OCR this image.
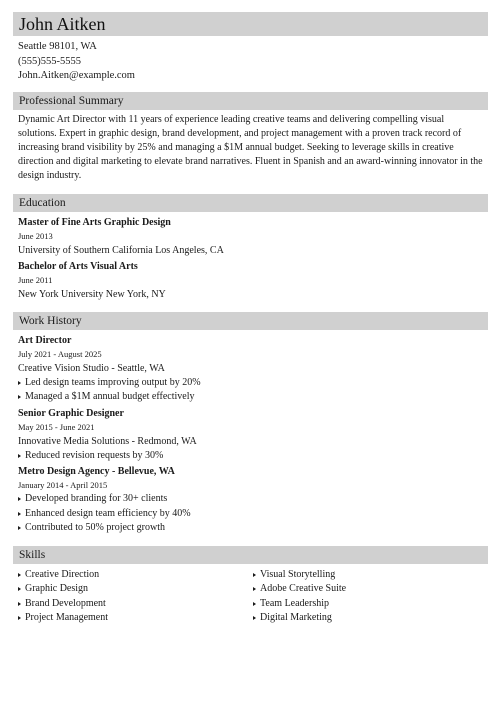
John Aitken
Seattle 98101, WA
(555)555-5555
John.Aitken@example.com
Professional Summary
Dynamic Art Director with 11 years of experience leading creative teams and delivering compelling visual solutions. Expert in graphic design, brand development, and project management with a proven track record of increasing brand visibility by 25% and managing a $1M annual budget. Seeking to leverage skills in creative direction and digital marketing to elevate brand narratives. Fluent in Spanish and an award-winning innovator in the design industry.
Education
Master of Fine Arts Graphic Design
June 2013
University of Southern California Los Angeles, CA
Bachelor of Arts Visual Arts
June 2011
New York University New York, NY
Work History
Art Director
July 2021 - August 2025
Creative Vision Studio - Seattle, WA
Led design teams improving output by 20%
Managed a $1M annual budget effectively
Senior Graphic Designer
May 2015 - June 2021
Innovative Media Solutions - Redmond, WA
Reduced revision requests by 30%
Metro Design Agency - Bellevue, WA
January 2014 - April 2015
Developed branding for 30+ clients
Enhanced design team efficiency by 40%
Contributed to 50% project growth
Skills
Creative Direction
Graphic Design
Brand Development
Project Management
Visual Storytelling
Adobe Creative Suite
Team Leadership
Digital Marketing
